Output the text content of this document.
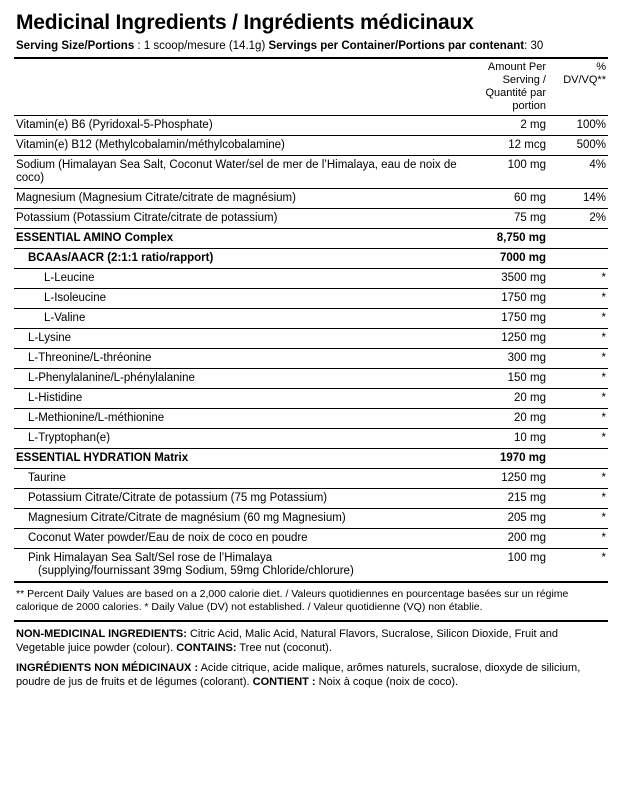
Medicinal Ingredients / Ingrédients médicinaux
Serving Size/Portions : 1 scoop/mesure (14.1g) Servings per Container/Portions par contenant: 30
	Amount Per Serving / Quantité par portion	% DV/VQ**
Vitamin(e) B6 (Pyridoxal-5-Phosphate)	2 mg	100%
Vitamin(e) B12 (Methylcobalamin/méthylcobalamine)	12 mcg	500%
Sodium (Himalayan Sea Salt, Coconut Water/sel de mer de l’Himalaya, eau de noix de coco)	100 mg	4%
Magnesium (Magnesium Citrate/citrate de magnésium)	60 mg	14%
Potassium (Potassium Citrate/citrate de potassium)	75 mg	2%
ESSENTIAL AMINO Complex	8,750 mg	
BCAAs/AACR (2:1:1 ratio/rapport)	7000 mg	
L-Leucine	3500 mg	*
L-Isoleucine	1750 mg	*
L-Valine	1750 mg	*
L-Lysine	1250 mg	*
L-Threonine/L-thréonine	300 mg	*
L-Phenylalanine/L-phénylalanine	150 mg	*
L-Histidine	20 mg	*
L-Methionine/L-méthionine	20 mg	*
L-Tryptophan(e)	10 mg	*
ESSENTIAL HYDRATION Matrix	1970 mg	
Taurine	1250 mg	*
Potassium Citrate/Citrate de potassium (75 mg Potassium)	215 mg	*
Magnesium Citrate/Citrate de magnésium (60 mg Magnesium)	205 mg	*
Coconut Water powder/Eau de noix de coco en poudre	200 mg	*

Pink Himalayan Sea Salt/Sel rose de l’Himalaya
(supplying/fournissant 39mg Sodium, 59mg Chloride/chlorure)	100 mg	*
** Percent Daily Values are based on a 2,000 calorie diet. / Valeurs quotidiennes en pourcentage basées sur un régime calorique de 2000 calories. * Daily Value (DV) not established. / Valeur quotidienne (VQ) non établie.

NON-MEDICINAL INGREDIENTS: Citric Acid, Malic Acid, Natural Flavors, Sucralose, Silicon Dioxide, Fruit and Vegetable juice powder (colour). CONTAINS: Tree nut (coconut).

INGRÉDIENTS NON MÉDICINAUX : Acide citrique, acide malique, arômes naturels, sucralose, dioxyde de silicium, poudre de jus de fruits et de légumes (colorant). CONTIENT : Noix à coque (noix de coco).
